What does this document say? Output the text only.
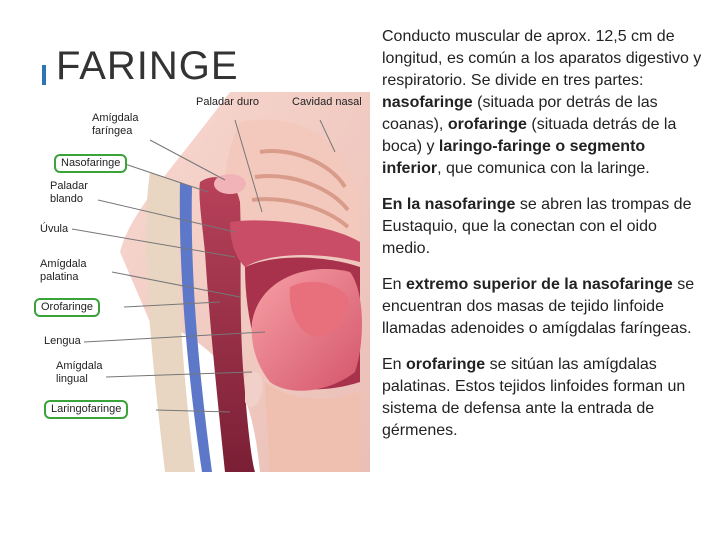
FARINGE
Paladar duro	Cavidad nasal
Amígdala faríngea
Nasofaringe
Paladar blando
Úvula
Amígdala palatina
Orofaringe
Lengua
Amígdala lingual
Laringofaringe

Conducto muscular de aprox. 12,5 cm de longitud, es común a los aparatos digestivo y respiratorio. Se divide en tres partes: nasofaringe (situada por detrás de las coanas), orofaringe (situada detrás de la boca) y laringo-faringe o segmento inferior, que comunica con la laringe.

En la nasofaringe se abren las trompas de Eustaquio, que la conectan con el oido medio.

En extremo superior de la nasofaringe se encuentran dos masas de tejido linfoide llamadas adenoides o amígdalas faríngeas.

En orofaringe se sitúan las amígdalas palatinas. Estos tejidos linfoides forman un sistema de defensa ante la entrada de gérmenes.
